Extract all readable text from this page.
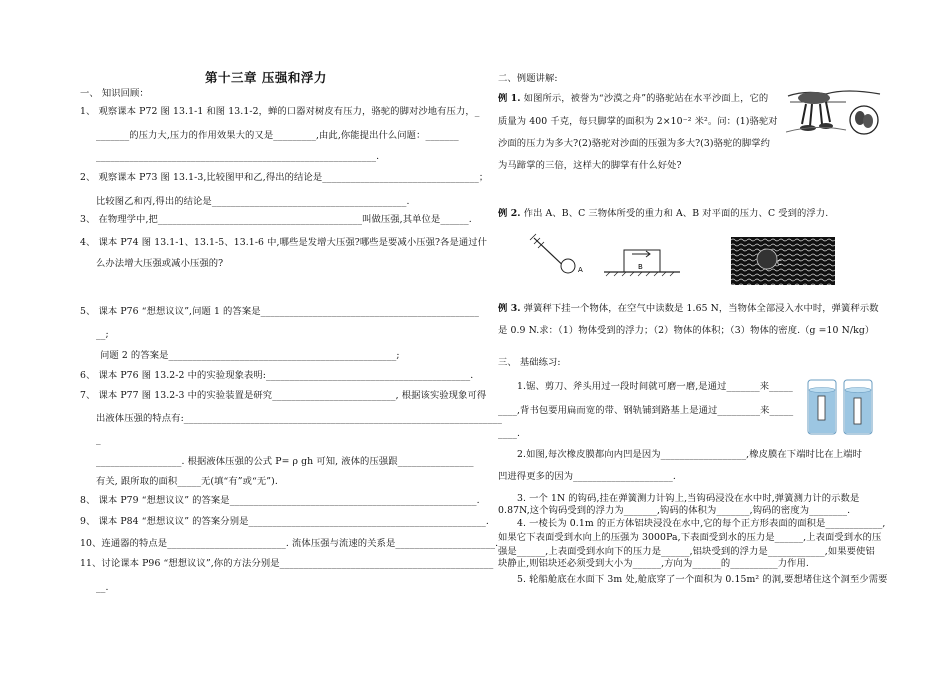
第十三章 压强和浮力
一、 知识回顾：
1、 观察课本 P72 图 13.1-1 和图 13.1-2，蝉的口器对树皮有压力，骆驼的脚对沙地有压力，_
_______的压力大,压力的作用效果大的又是_________,由此,你能提出什么问题：_______
___________________________________________________________.
2、 观察课本 P73 图 13.1-3,比较图甲和乙,得出的结论是_________________________________；
比较图乙和丙,得出的结论是_________________________________________.
3、 在物理学中,把___________________________________________叫做压强,其单位是______.
4、 课本 P74 图 13.1-1、13.1-5、13.1-6 中,哪些是发增大压强?哪些是要减小压强?各是通过什
么办法增大压强或减小压强的?
5、 课本 P76 “想想议议”,问题 1 的答案是______________________________________________
__;
问题 2 的答案是________________________________________________;
6、 课本 P76 图 13.2-2 中的实验现象表明:___________________________________________.
7、 课本 P77 图 13.2-3 中的实验装置是研究__________________________, 根据该实验现象可得
出液体压强的特点有:___________________________________________________________________
_
__________________. 根据液体压强的公式 P= ρ gh 可知, 液体的压强跟________________
有关, 跟所取的面积_____无(填“有”或“无”).
8、 课本 P79 “想想议议” 的答案是____________________________________________________.
9、 课本 P84 “想想议议” 的答案分别是__________________________________________________.
10、连通器的特点是_________________________. 流体压强与流速的关系是_____________________.
11、讨论课本 P96 “想想议议”,你的方法分别是_____________________________________________
__.
二、例题讲解:
例 1. 如图所示，被誉为“沙漠之舟”的骆驼站在水平沙面上，它的
质量为 400 千克，每只脚掌的面积为 2×10⁻² 米²。问：(1)骆驼对
沙面的压力为多大?(2)骆驼对沙面的压强为多大?(3)骆驼的脚掌约
为马蹄掌的三倍，这样大的脚掌有什么好处?
例 2. 作出 A、B、C 三物体所受的重力和 A、B 对平面的压力、C 受到的浮力.
A	B	C
例 3. 弹簧秤下挂一个物体，在空气中读数是 1.65 N，当物体全部浸入水中时，弹簧秤示数
是 0.9 N.求：（1）物体受到的浮力；（2）物体的体积；（3）物体的密度.（g =10 N/kg）
三、 基础练习:
1.锯、剪刀、斧头用过一段时间就可磨一磨,是通过_______来_____
____,背书包要用扁而宽的带、钢轨铺到路基上是通过_________来_____
____.
2.如图,每次橡皮膜都向内凹是因为__________________,橡皮膜在下端时比在上端时
凹进得更多的因为_____________________.
3. 一个 1N 的钩码,挂在弹簧测力计钩上,当钩码浸没在水中时,弹簧测力计的示数是
0.87N,这个钩码受到的浮力为_______,钩码的体积为_______,钩码的密度为________.
4. 一棱长为 0.1m 的正方体铝块浸没在水中,它的每个正方形表面的面积是____________,
如果它下表面受到水向上的压强为 3000Pa,下表面受到水的压力是______,上表面受到水的压
强是______,上表面受到水向下的压力是______,铝块受到的浮力是____________,如果要使铝
块静止,则铝块还必须受到大小为______,方向为______的__________力作用.
5. 轮船舱底在水面下 3m 处,舱底穿了一个面积为 0.15m² 的洞,要想堵住这个洞至少需要
